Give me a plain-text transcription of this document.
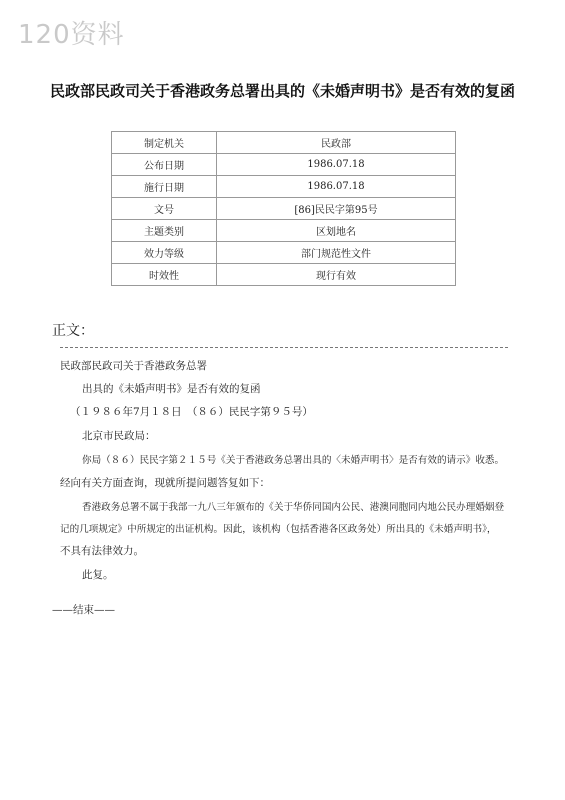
120资料
民政部民政司关于香港政务总署出具的《未婚声明书》是否有效的复函
制定机关	民政部
公布日期	1986.07.18
施行日期	1986.07.18
文号	[86]民民字第95号
主题类别	区划地名
效力等级	部门规范性文件
时效性	现行有效
正文：
民政部民政司关于香港政务总署
出具的《未婚声明书》是否有效的复函
（１９８６年7月１８日　（８６）民民字第９５号）
北京市民政局：
你局（８６）民民字第２１５号《关于香港政务总署出具的〈未婚声明书〉是否有效的请示》收悉。
经向有关方面查询，现就所提问题答复如下：
香港政务总署不属于我部一九八三年颁布的《关于华侨同国内公民、港澳同胞同内地公民办理婚姻登
记的几项规定》中所规定的出证机构。因此，该机构（包括香港各区政务处）所出具的《未婚声明书》，
不具有法律效力。
此复。
——结束——
